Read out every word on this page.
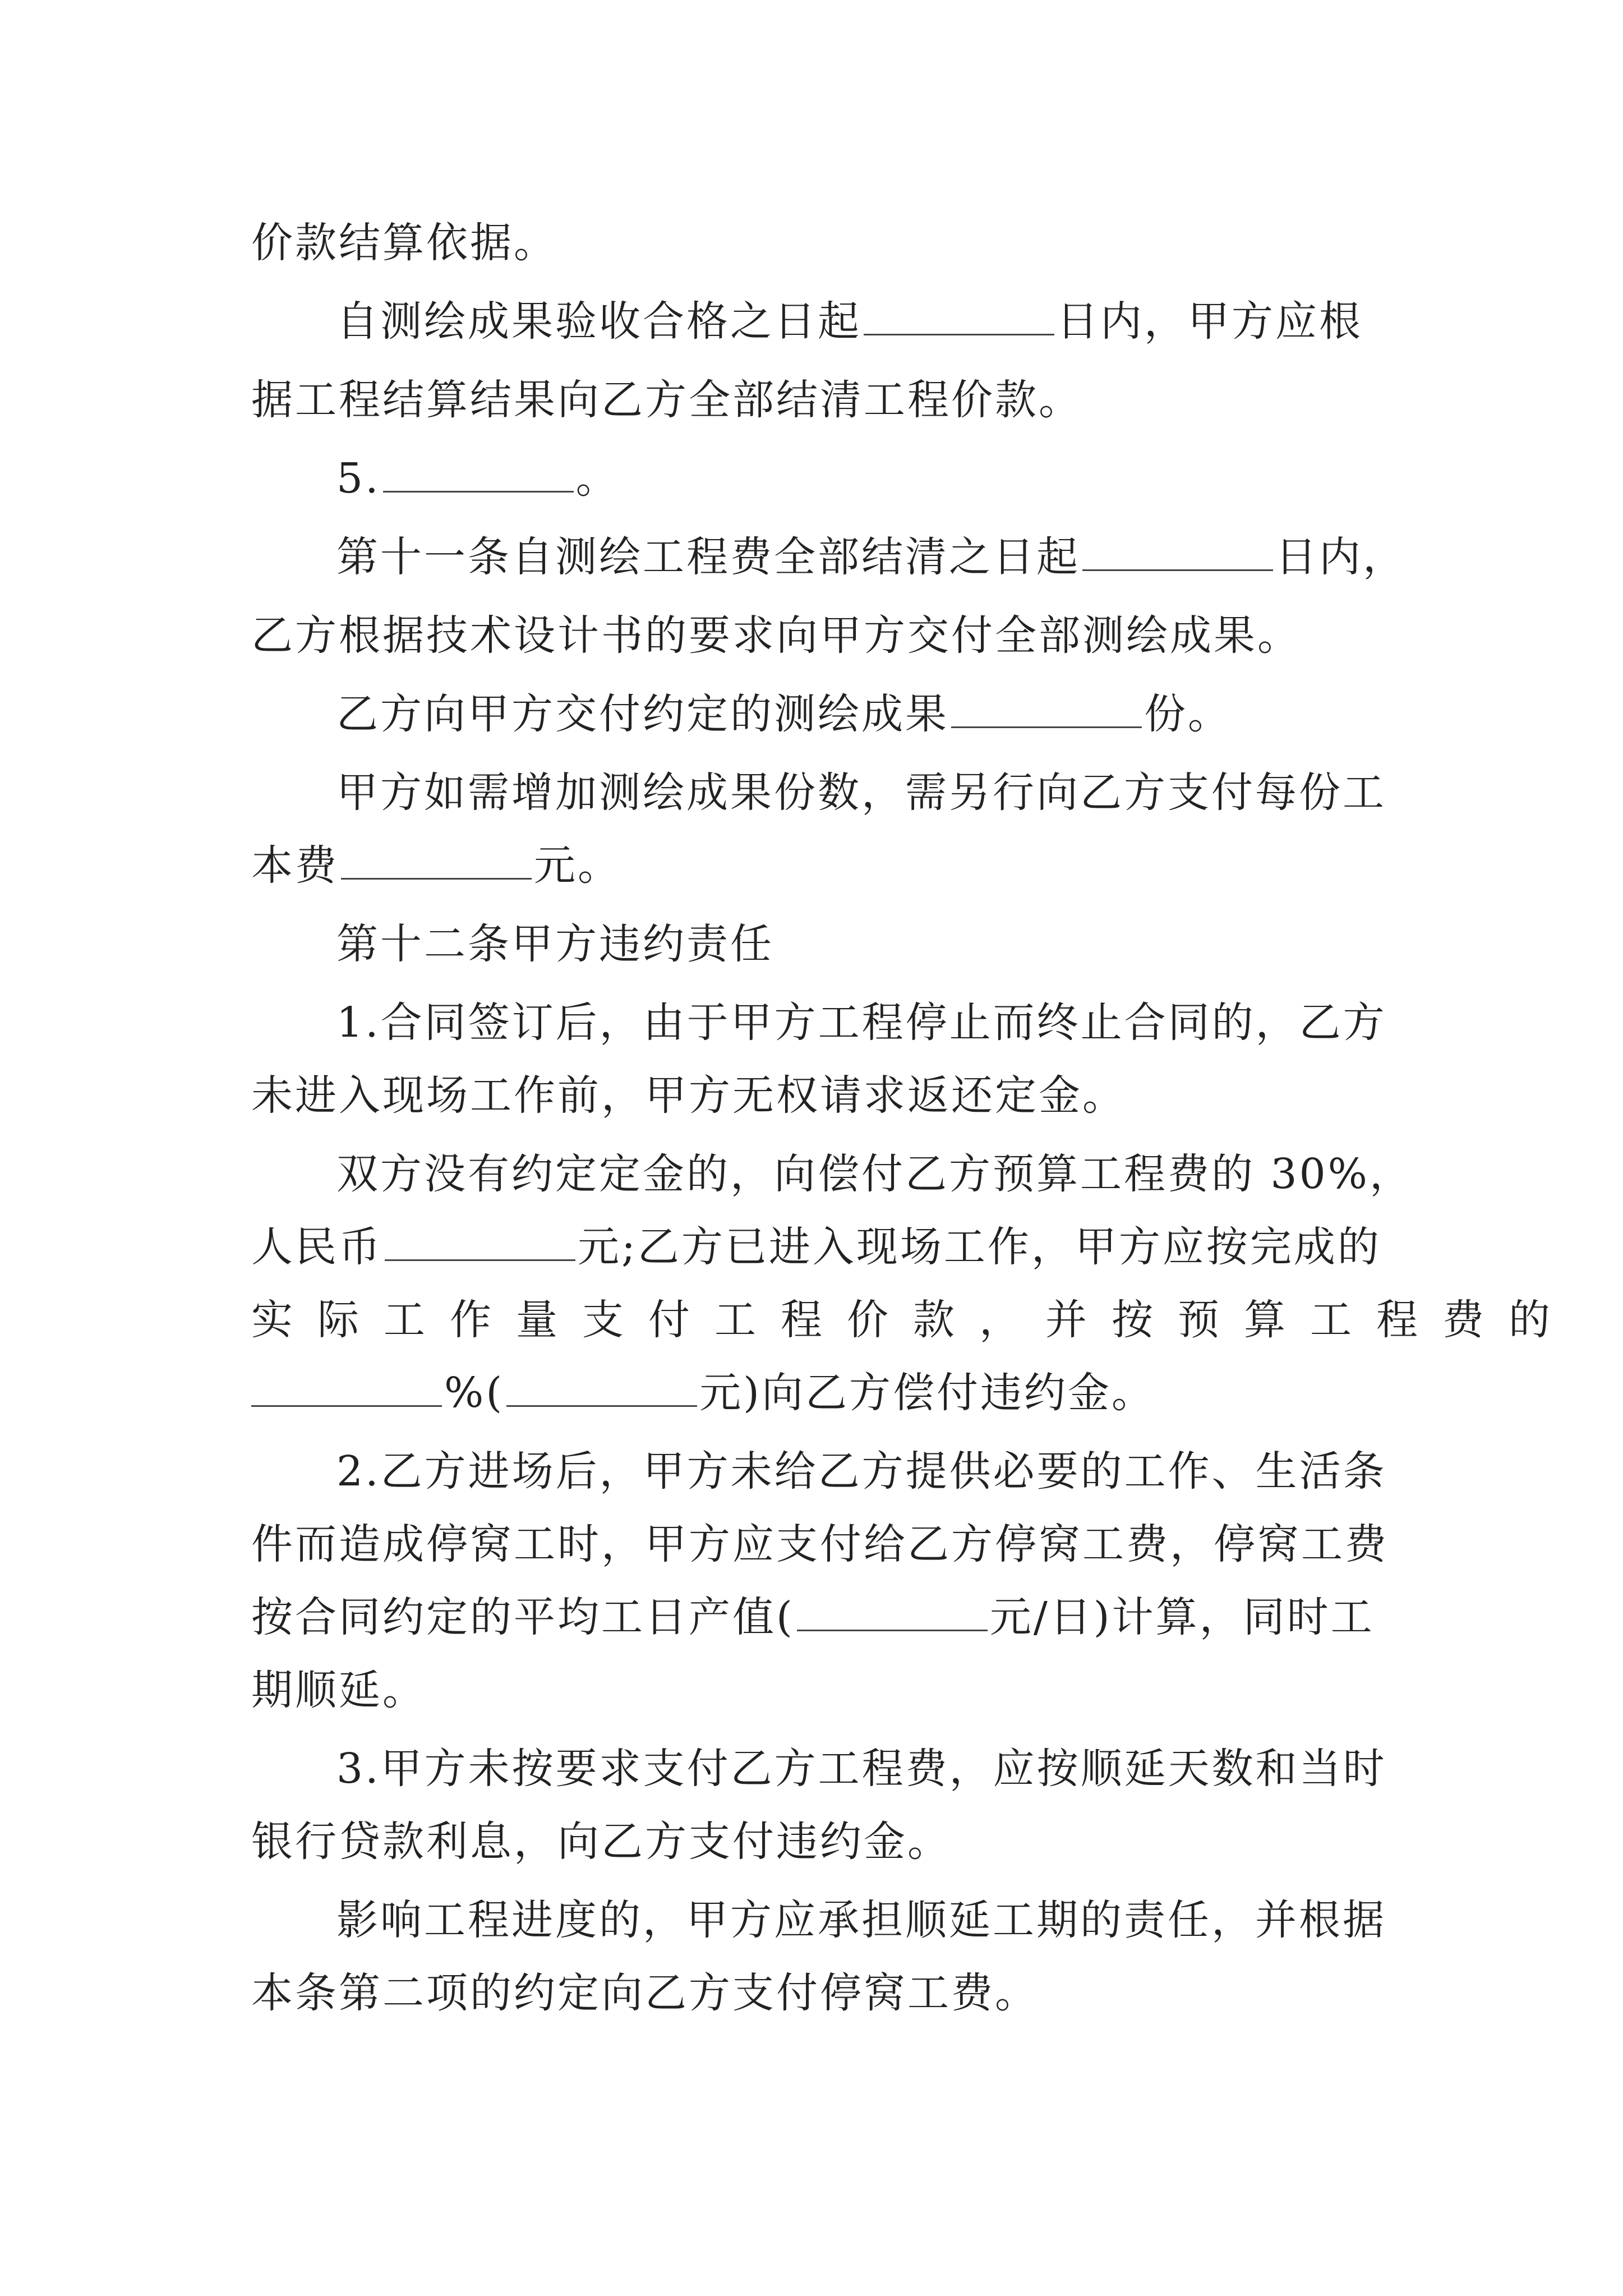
价款结算依据。
自测绘成果验收合格之日起	日内，甲方应根
据工程结算结果向乙方全部结清工程价款。
5.	。
第十一条自测绘工程费全部结清之日起	日内，
乙方根据技术设计书的要求向甲方交付全部测绘成果。
乙方向甲方交付约定的测绘成果	份。
甲方如需增加测绘成果份数，需另行向乙方支付每份工
本费	元。
第十二条甲方违约责任
1.合同签订后，由于甲方工程停止而终止合同的，乙方
未进入现场工作前，甲方无权请求返还定金。
双方没有约定定金的，向偿付乙方预算工程费的 30%，
人民币	元;乙方已进入现场工作，甲方应按完成的
实际工作量支付工程价款，并按预算工程费的
%(	元)向乙方偿付违约金。
2.乙方进场后，甲方未给乙方提供必要的工作、生活条
件而造成停窝工时，甲方应支付给乙方停窝工费，停窝工费
按合同约定的平均工日产值(	元/日)计算，同时工
期顺延。
3.甲方未按要求支付乙方工程费，应按顺延天数和当时
银行贷款利息，向乙方支付违约金。
影响工程进度的，甲方应承担顺延工期的责任，并根据
本条第二项的约定向乙方支付停窝工费。
